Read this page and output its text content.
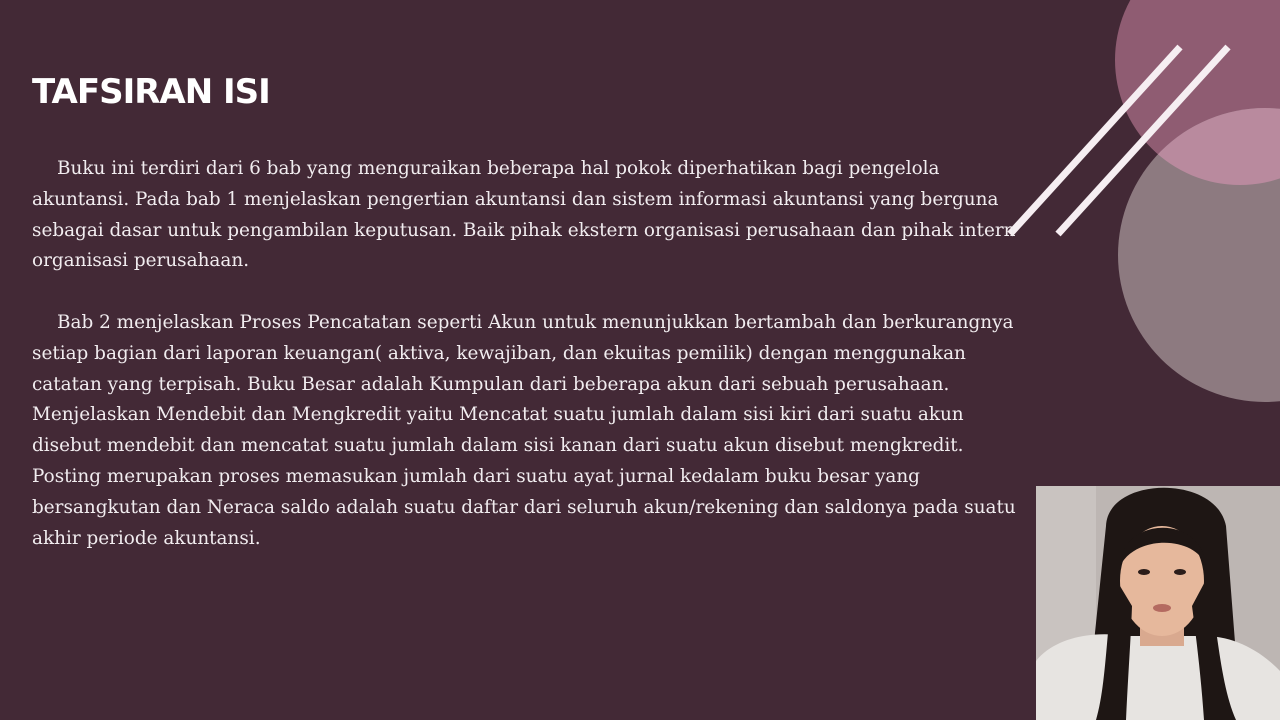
TAFSIRAN ISI

Buku ini terdiri dari 6 bab yang menguraikan beberapa hal pokok diperhatikan bagi pengelola akuntansi. Pada bab 1 menjelaskan pengertian akuntansi dan sistem informasi akuntansi yang berguna sebagai dasar untuk pengambilan keputusan. Baik pihak ekstern organisasi perusahaan dan pihak intern organisasi perusahaan.

Bab 2 menjelaskan Proses Pencatatan seperti Akun untuk menunjukkan bertambah dan berkurangnya setiap bagian dari laporan keuangan( aktiva, kewajiban, dan ekuitas pemilik) dengan menggunakan catatan yang terpisah. Buku Besar adalah Kumpulan dari beberapa akun dari sebuah perusahaan. Menjelaskan Mendebit dan Mengkredit yaitu Mencatat suatu jumlah dalam sisi kiri dari suatu akun disebut mendebit dan mencatat suatu jumlah dalam sisi kanan dari suatu akun disebut mengkredit. Posting merupakan proses memasukan jumlah dari suatu ayat jurnal kedalam buku besar yang bersangkutan dan Neraca saldo adalah suatu daftar dari seluruh akun/rekening dan saldonya pada suatu akhir periode akuntansi.
